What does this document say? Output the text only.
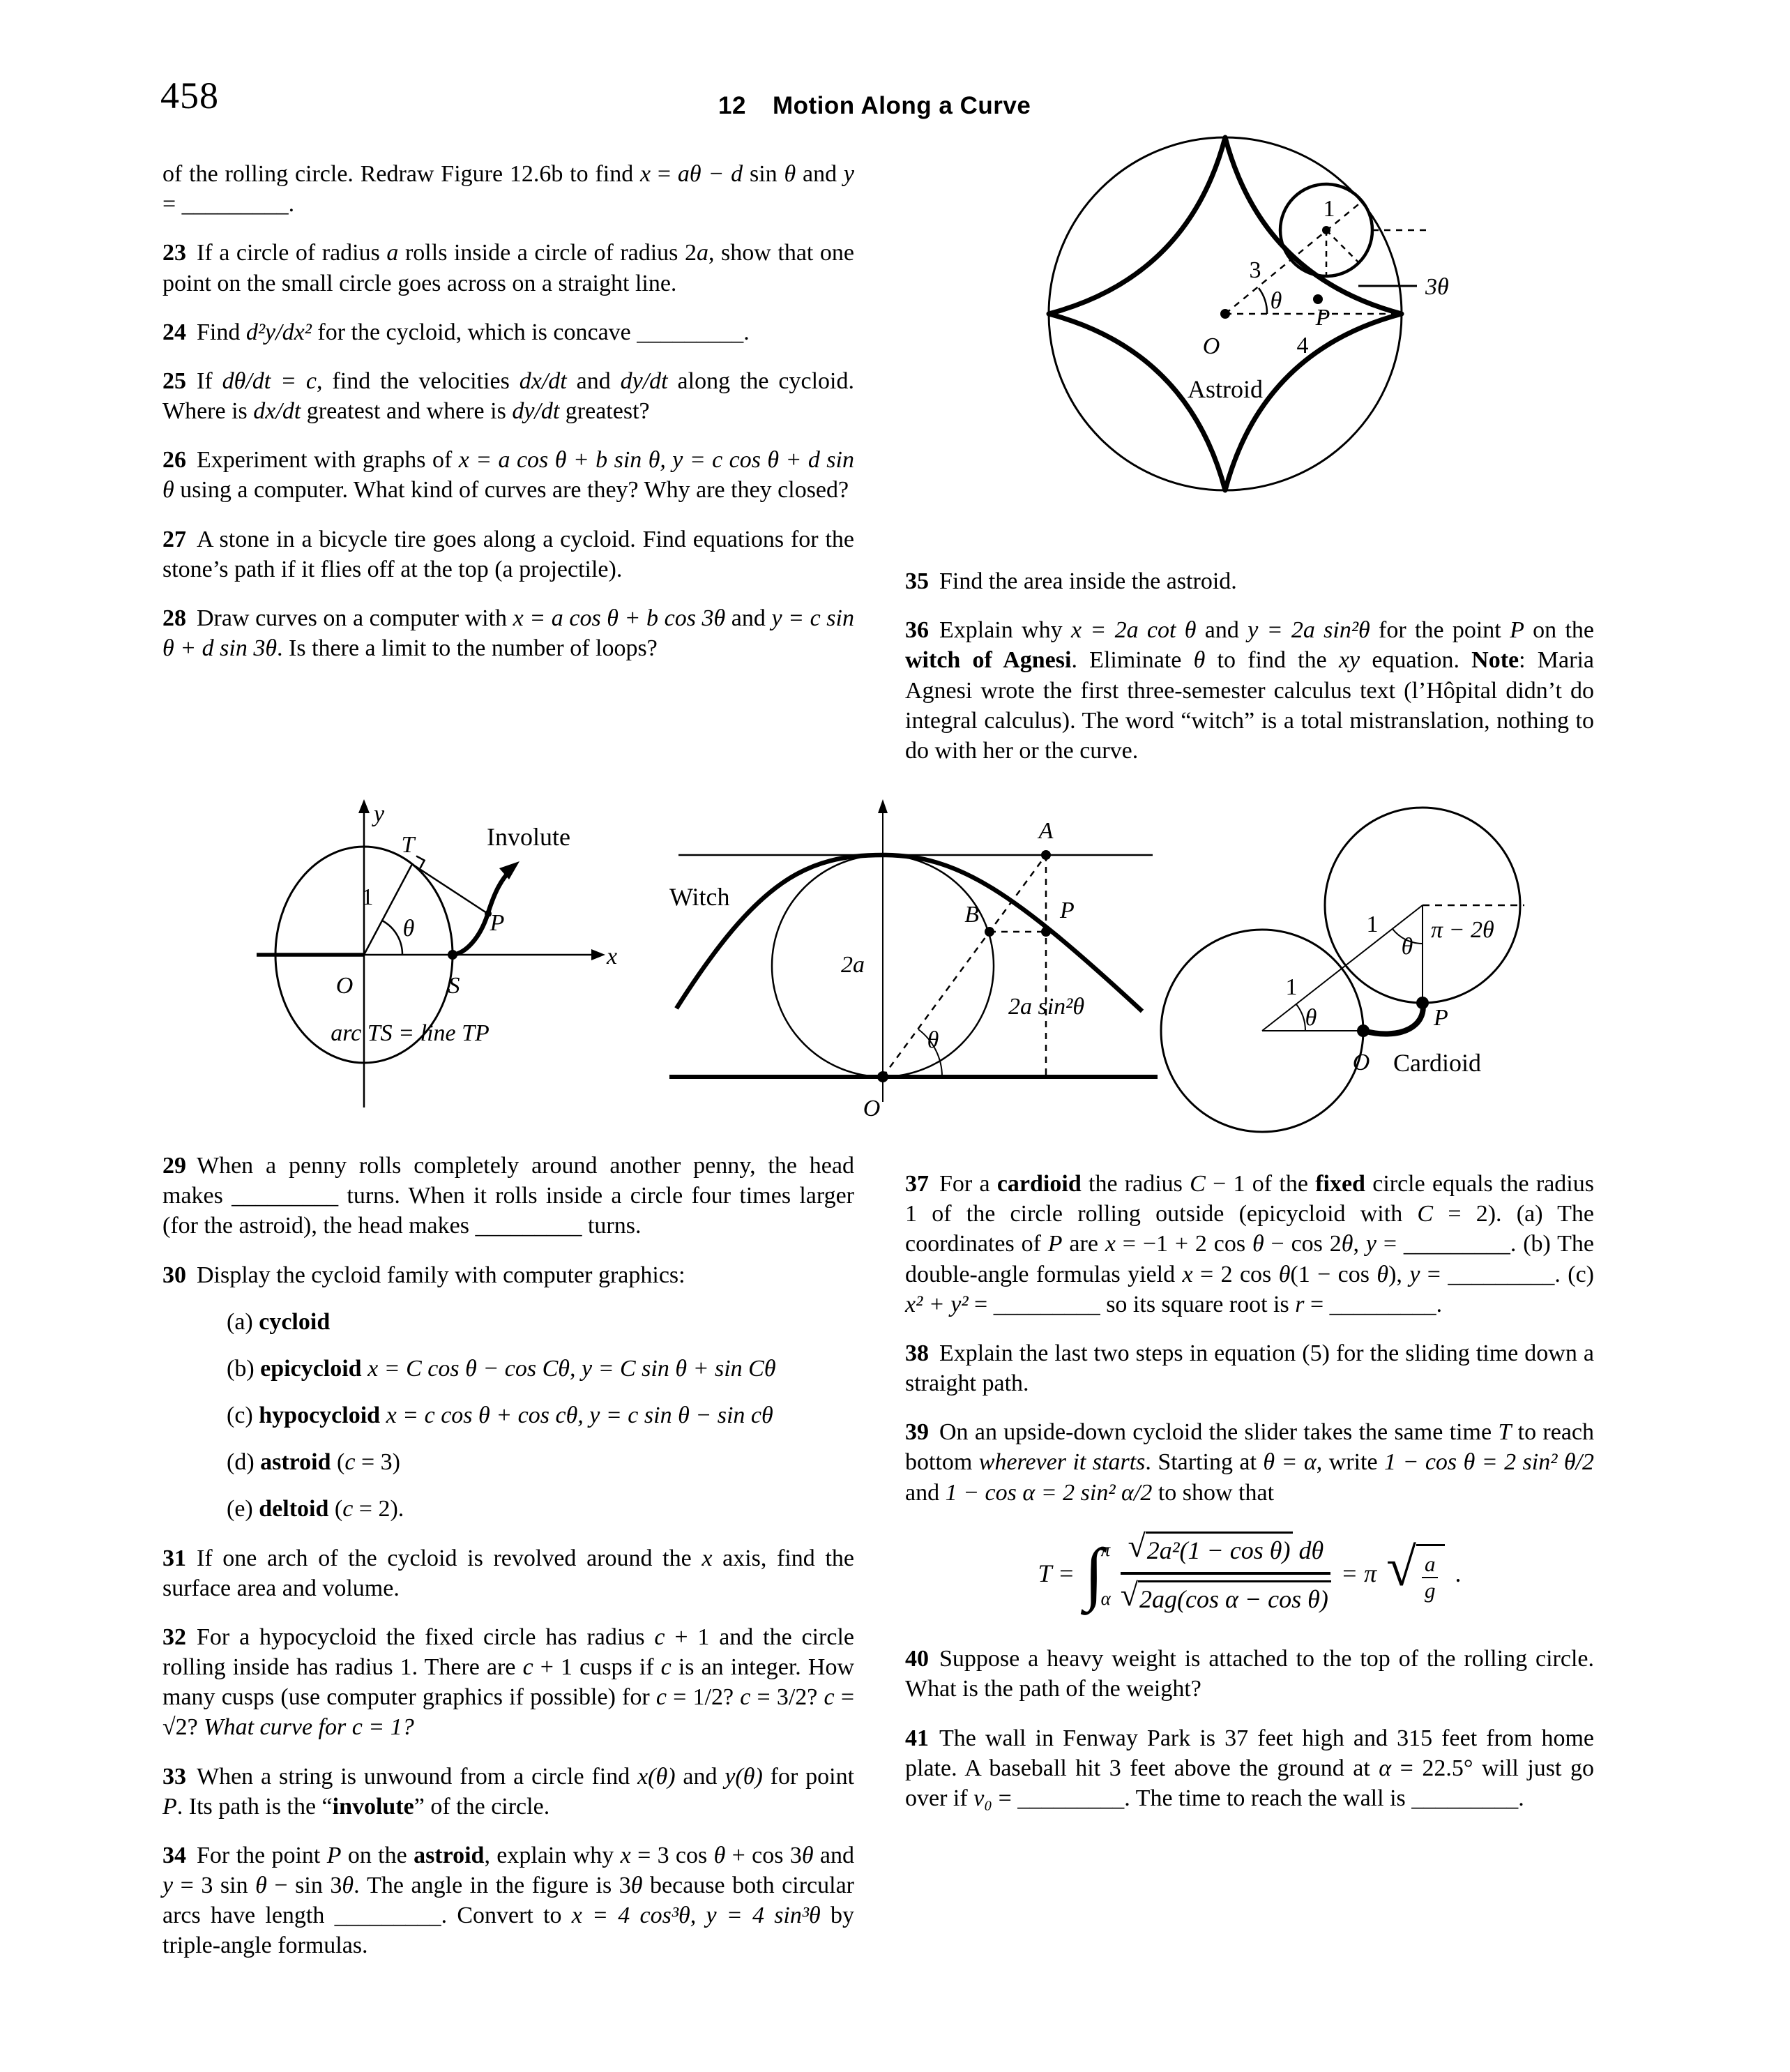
458	12 Motion Along a Curve
of the rolling circle. Redraw Figure 12.6b to find x = aθ − d sin θ and y = _________.
23 If a circle of radius a rolls inside a circle of radius 2a, show that one point on the small circle goes across on a straight line.
24 Find d²y/dx² for the cycloid, which is concave _________.
25 If dθ/dt = c, find the velocities dx/dt and dy/dt along the cycloid. Where is dx/dt greatest and where is dy/dt greatest?
26 Experiment with graphs of x = a cos θ + b sin θ, y = c cos θ + d sin θ using a computer. What kind of curves are they? Why are they closed?
27 A stone in a bicycle tire goes along a cycloid. Find equations for the stone’s path if it flies off at the top (a projectile).
28 Draw curves on a computer with x = a cos θ + b cos 3θ and y = c sin θ + d sin 3θ. Is there a limit to the number of loops?
1
3
θ
P
4
O
3θ
Astroid
35 Find the area inside the astroid.
36 Explain why x = 2a cot θ and y = 2a sin²θ for the point P on the witch of Agnesi. Eliminate θ to find the xy equation. Note: Maria Agnesi wrote the first three-semester calculus text (l’Hôpital didn’t do integral calculus). The word “witch” is a total mistranslation, nothing to do with her or the curve.
y
x
T
1
θ
O	S
P
Involute
arc TS = line TP
Witch
A
B	P
2a
2a sin²θ
θ
O
1
θ
π − 2θ
1
θ	P
O Cardioid
29 When a penny rolls completely around another penny, the head makes _________ turns. When it rolls inside a circle four times larger (for the astroid), the head makes _________ turns.
30 Display the cycloid family with computer graphics:
(a) cycloid
(b) epicycloid x = C cos θ − cos Cθ, y = C sin θ + sin Cθ
(c) hypocycloid x = c cos θ + cos cθ, y = c sin θ − sin cθ
(d) astroid (c = 3)
(e) deltoid (c = 2).
31 If one arch of the cycloid is revolved around the x axis, find the surface area and volume.
32 For a hypocycloid the fixed circle has radius c + 1 and the circle rolling inside has radius 1. There are c + 1 cusps if c is an integer. How many cusps (use computer graphics if possible) for c = 1/2? c = 3/2? c = √2? What curve for c = 1?
33 When a string is unwound from a circle find x(θ) and y(θ) for point P. Its path is the “involute” of the circle.
34 For the point P on the astroid, explain why x = 3 cos θ + cos 3θ and y = 3 sin θ − sin 3θ. The angle in the figure is 3θ because both circular arcs have length _________. Convert to x = 4 cos³θ, y = 4 sin³θ by triple-angle formulas.
37 For a cardioid the radius C − 1 of the fixed circle equals the radius 1 of the circle rolling outside (epicycloid with C = 2). (a) The coordinates of P are x = −1 + 2 cos θ − cos 2θ, y = _________. (b) The double-angle formulas yield x = 2 cos θ(1 − cos θ), y = _________. (c) x² + y² = _________ so its square root is r = _________.
38 Explain the last two steps in equation (5) for the sliding time down a straight path.
39 On an upside-down cycloid the slider takes the same time T to reach bottom wherever it starts. Starting at θ = α, write 1 − cos θ = 2 sin² θ/2 and 1 − cos α = 2 sin² α/2 to show that
T = ∫
π
α $\frac{\text{√ 2a²(1 − cos θ) dθ}}{\text{√ 2ag(cos α − cos θ)}} = \pi$ √ $\frac{a}{g}$ .
40 Suppose a heavy weight is attached to the top of the rolling circle. What is the path of the weight?
41 The wall in Fenway Park is 37 feet high and 315 feet from home plate. A baseball hit 3 feet above the ground at α = 22.5° will just go over if v₀ = _________. The time to reach the wall is _________.
